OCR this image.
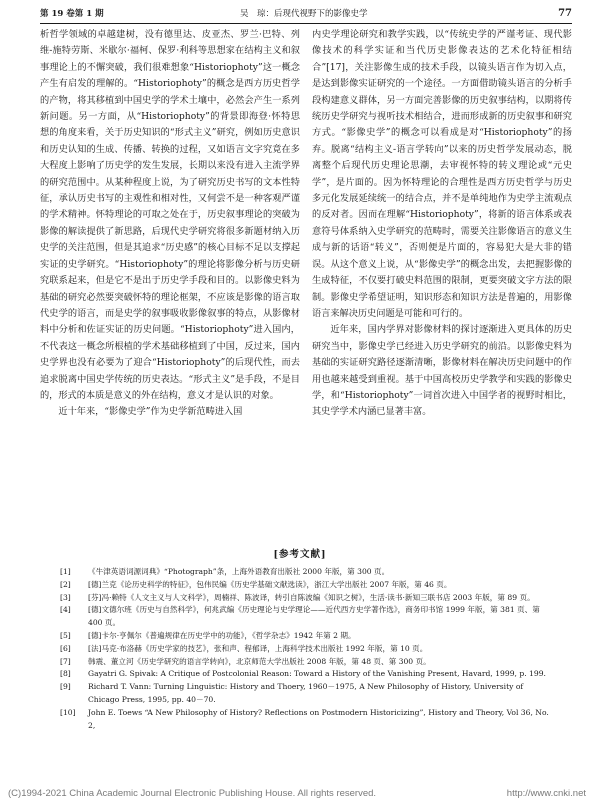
第 19 卷第 1 期	吴　琼：后现代视野下的影像史学	77

析哲学领域的卓越建树，没有德里达、皮亚杰、罗兰·巴特、列维-施特劳斯、米歇尔·福柯、保罗·利科等思想家在结构主义和叙事理论上的不懈突破，我们很难想象“Historiophoty”这一概念产生有启发的理解的。“Historiophoty”的概念是西方历史哲学的产物，将其移植到中国史学的学术土壤中，必然会产生一系列新问题。另一方面，从“Historiophoty”的背景即海登·怀特思想的角度来看，关于历史知识的“形式主义”研究，例如历史意识和历史认知的生成、传播、转换的过程，又如语言文字究竟在多大程度上影响了历史学的发生发展，长期以来没有进入主流学界的研究范围中。从某种程度上说，为了研究历史书写的文本性特征，承认历史书写的主观性和相对性，又何尝不是一种客观严谨的学术精神。怀特理论的可取之处在于，历史叙事理论的突破为影像的解读提供了新思路，后现代史学研究将很多新题材纳入历史学的关注范围，但是其追求“历史感”的核心目标不足以支撑起实证的史学研究。“Historiophoty”的理论将影像分析与历史研究联系起来，但是它不是出于历史学手段和目的。以影像史料为基础的研究必然要突破怀特的理论框架，不应该是影像的语言取代史学的语言，而是史学的叙事吸收影像叙事的特点，从影像材料中分析和佐证实证的历史问题。“Historiophoty”进入国内，不代表这一概念所根植的学术基础移植到了中国，反过来，国内史学界也没有必要为了迎合“Historiophoty”的后现代性，而去追求脱离中国史学传统的历史表达。“形式主义”是手段，不是目的，形式的本质是意义的外在结构，意义才是认识的对象。

近十年来，“影像史学”作为史学新范畴进入国

内史学理论研究和教学实践，以“传统史学的严谨考证、现代影像技术的科学实证和当代历史影像表达的艺术化特征相结合”[17]，关注影像生成的技术手段，以镜头语言作为切入点，是达到影像实证研究的一个途径。一方面借助镜头语言的分析手段构建意义群体，另一方面完善影像的历史叙事结构，以期将传统历史学研究与视听技术相结合，进而形成新的历史叙事和研究方式。“影像史学”的概念可以看成是对“Historiophoty”的扬弃。脱离“结构主义-语言学转向”以来的历史哲学发展动态，脱离整个后现代历史理论思潮，去审视怀特的转义理论或“元史学”，是片面的。因为怀特理论的合理性是西方历史哲学与历史多元化发展延续统一的结合点，并不是单纯地作为史学主流观点的反对者。因而在理解“Historiophoty”，将新的语言体系或表意符号体系纳入史学研究的范畴时，需要关注影像语言的意义生成与新的话语“转义”，否则便是片面的，容易犯大是大非的错误。从这个意义上说，从“影像史学”的概念出发，去把握影像的生成特征，不仅要打破史料范围的限制，更要突破文字方法的限制。影像史学希望证明，知识形态和知识方法是普遍的，用影像语言来解决历史问题是可能和可行的。

近年来，国内学界对影像材料的探讨逐渐进入更具体的历史研究当中，影像史学已经进入历史学研究的前沿。以影像史料为基础的实证研究路径逐渐清晰，影像材料在解决历史问题中的作用也越来越受到重视。基于中国高校历史学教学和实践的影像史学，和“Historiophoty”一词首次进入中国学者的视野时相比，其史学学术内涵已显著丰富。

[参考文献]
[1]	《牛津英语词源词典》“Photograph”条，上海外语教育出版社 2000 年版，第 300 页。
[2]	[德]兰克《论历史科学的特征》，包伟民编《历史学基础文献选读》，浙江大学出版社 2007 年版，第 46 页。
[3]	[芬]冯·赖特《人文主义与人文科学》，周楠祥、陈波译，转引自陈波编《知识之树》，生活·读书·新知三联书店 2003 年版，第 89 页。
[4]	[德]文德尔班《历史与自然科学》，何兆武编《历史理论与史学理论——近代西方史学著作选》，商务印书馆 1999 年版，第 381 页、第 400 页。
[5]	[德]卡尔·亨佩尔《普遍规律在历史学中的功能》，《哲学杂志》1942 年第 2 期。
[6]	[法]马克·布洛赫《历史学家的技艺》，张和声、程郁译，上海科学技术出版社 1992 年版，第 10 页。
[7]	韩震、董立河《历史学研究的语言学转向》，北京师范大学出版社 2008 年版，第 48 页、第 300 页。
[8]	Gayatri G. Spivak: A Critique of Postcolonial Reason: Toward a History of the Vanishing Present, Havard, 1999, p. 199.
[9]	Richard T. Vann: Turning Linguistic: History and Thoery, 1960－1975, A New Philosophy of History, University of Chicago Press, 1995, pp. 40－70.
[10]	John E. Toews “A New Philosophy of History? Reflections on Postmodern Historicizing”, History and Theory, Vol 36, No. 2,
(C)1994-2021 China Academic Journal Electronic Publishing House. All rights reserved.	http://www.cnki.net
